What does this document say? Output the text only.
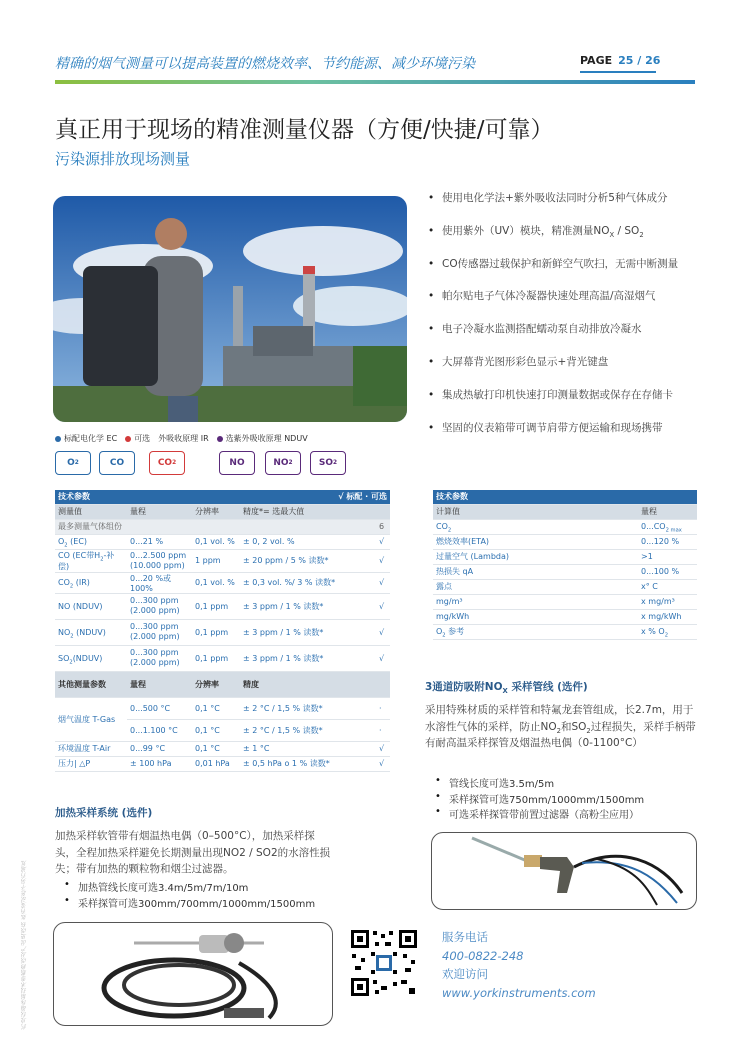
精确的烟气测量可以提高装置的燃烧效率、节约能源、减少环境污染	PAGE 25 / 26
真正用于现场的精准测量仪器（方便/快捷/可靠）
污染源排放现场测量
• 使用电化学法+紫外吸收法同时分析5种气体成分
• 使用紫外（UV）模块，精准测量$NO_X / SO_2$
• CO传感器过载保护和新鲜空气吹扫，无需中断测量
• 帕尔贴电子气体冷凝器快速处理高温/高湿烟气
• 电子冷凝水监测搭配蠕动泵自动排放冷凝水
• 大屏幕背光图形彩色显示+背光键盘
• 集成热敏打印机快速打印测量数据或保存在存储卡
• 坚固的仪表箱带可调节肩带方便运输和现场携带
标配电化学 EC	可选 外吸收原理 IR	选紫外吸收原理 NDUV
O 2	CO	CO 2	NO	NO 2	SO 2
技术参数			√ 标配 · 可选	
测量值	量程	分辨率	精度*= 选最大值	
最多测量气体组份				6
$O_2$ (EC)	0...21 %	0,1 vol. %	± 0, 2 vol. %	√
CO (EC带$H_2-$补偿)	0...2.500 ppm
(10.000 ppm)	1 ppm	± 20 ppm / 5 % 读数*	√
$CO_2$ (IR)	0...20 %或100%	0,1 vol. %	± 0,3 vol. %/ 3 % 读数*	√
NO (NDUV)	0...300 ppm
(2.000 ppm)	0,1 ppm	± 3 ppm / 1 % 读数*	√
$NO_2$ (NDUV)	0...300 ppm
(2.000 ppm)	0,1 ppm	± 3 ppm / 1 % 读数*	√
$SO_2(NDUV)$	0...300 ppm
(2.000 ppm)	0,1 ppm	± 3 ppm / 1 % 读数*	√
其他测量参数	量程	分辨率	精度	
烟气温度 T-Gas	0...500 °C	0,1 °C	± 2 °C / 1,5 % 读数*	·
	0...1.100 °C	0,1 °C	± 2 °C / 1,5 % 读数*	·
环境温度 T-Air	0...99 °C	0,1 °C	± 1 °C	√
压力| △P	± 100 hPa	0,01 hPa	± 0,5 hPa o 1 % 读数*	√
技术参数	
计算值	量程
$CO_2$	$0...CO_{2 max}$
燃烧效率(ETA)	0...120 %
过量空气 (Lambda)	>1
热损失 qA	0...100 %
露点	x° C
mg/m³	x mg/m³
mg/kWh	x mg/kWh
$O_2$ 参考	x % $O_2$
3通道防吸附$NO_X$ 采样管线 (选件)
采用特殊材质的采样管和特氟龙套管组成，长2.7m，用于水溶性气体的采样，防止$NO_2$和$SO_2$过程损失，采样手柄带有耐高温采样探管及烟温热电偶（0-1100°C）
• 管线长度可选3.5m/5m
• 采样探管可选750mm/1000mm/1500mm
• 可选采样探管带前置过滤器（高粉尘应用）
加热采样系统 (选件)
加热采样软管带有烟温热电偶（0–500°C），加热采样探头，全程加热采样避免长期测量出现NO2 / SO2的水溶性损失；带有加热的颗粒物和烟尘过滤器。
• 加热管线长度可选3.4m/5m/7m/10m
• 采样探管可选300mm/700mm/1000mm/1500mm
约克仪器保留技术参数修改及产品更改权 如有变动恕不另行通知	服务电话
400-0822-248
欢迎访问
www.yorkinstruments.com
